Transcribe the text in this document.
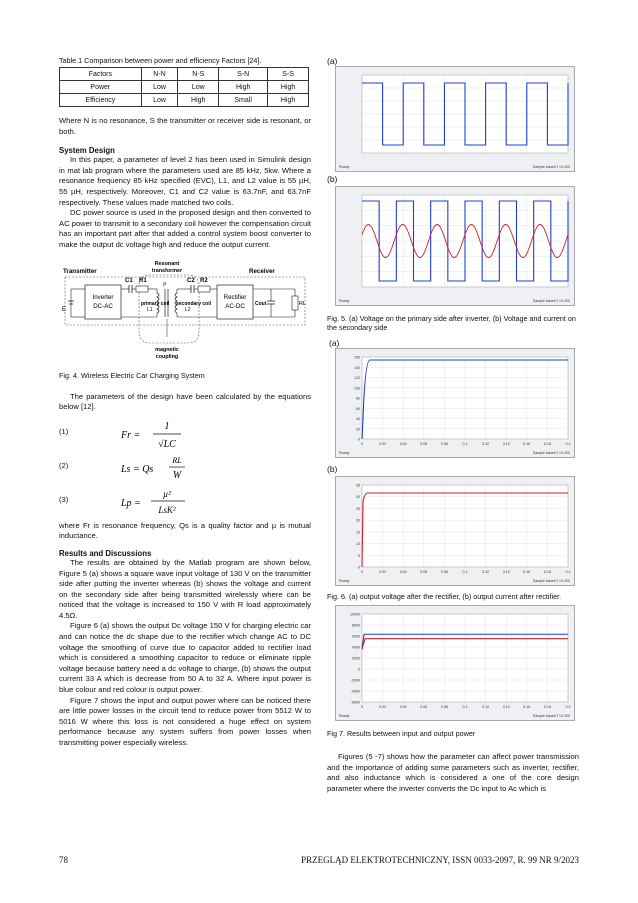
Table.1 Comparison between power and efficiency Factors [24].

Factors	N-N	N-S	S-N	S-S
Power	Low	Low	High	High
Efficiency	Low	High	Small	High

Where N is no resonance, S the transmitter or receiver side is resonant, or both.

System Design

In this paper, a parameter of level 2 has been used in Simulink design in mat lab program where the parameters used are 85 kHz, 5kw. Where a resonance frequency 85 kHz specified (EVC), L1, and L2 value is 55 µH, 55 µH, respectively. Moreover, C1 and C2 value is 63.7nF, and 63.7nF respectively. These values made matched two coils.

DC power source is used in the proposed design and then converted to AC power to transmit to a secondary coil however the compensation circuit has an important part after that added a control system boost converter to make the output dc voltage high and reduce the output current.

Transmitter
Resonant
transformer	Receiver
E
Inverter
DC-AC
C1 R1
primary coil
L1
µ
secondary coil
L2
C2 R2
Rectifier
AC-DC Cout	RL
magnetic
coupling

Fig. 4. Wireless Electric Car Charging System

The parameters of the design have been calculated by the equations below [12].

(1)	Fr =
1
√LC
(2)	Ls = Qs
RL
W
(3)	Lp =
µ²
LsK²

where Fr is resonance frequency, Qs is a quality factor and µ is mutual inductance.

Results and Discussions

The results are obtained by the Matlab program are shown below, Figure 5 (a) shows a square wave input voltage of 130 V on the transmitter side after putting the inverter whereas (b) shows the voltage and current on the secondary side after being transmitted wirelessly where can be noticed that the voltage is increased to 150 V with R load approximately 4.5Ω.

Figure 6 (a) shows the output Dc voltage 150 V for charging electric car and can notice the dc shape due to the rectifier which change AC to DC voltage the smoothing of curve due to capacitor added to rectifier load which is considered a smoothing capacitor to reduce or eliminate ripple voltage because battery need a dc voltage to charge, (b) shows the output current 33 A which is decrease from 50 A to 32 A. Where input power is blue colour and red colour is output power.

Figure 7 shows the input and output power where can be noticed there are little power losses in the circuit tend to reduce power from 5512 W to 5016 W where this loss is not considered a huge effect on system performance because any system suffers from power losses when transmitting power especially wireless.

(a)
Ready	Sample based T=0.200
(b)
Ready	Sample based T=0.200

Fig. 5. (a) Voltage on the primary side after inverter, (b) Voltage and current on the secondary side

(a)
150
140
120
100
80
60
40
20
0
0	0.02	0.04	0.06	0.08	0.1	0.12	0.14	0.16	0.18	0.2
Ready	Sample based T=0.200
(b)
35
30
25
20
15
10
5
0
0	0.02	0.04	0.06	0.08	0.1	0.12	0.14	0.16	0.18	0.2
Ready	Sample based T=0.200

Fig. 6. (a) output voltage after the rectifier, (b) output current after rectifier.

10000
8000
6000
4000
2000
0
-2000
-4000
-6000
0	0.02	0.04	0.06	0.08	0.1	0.12	0.14	0.16	0.18	0.2
Ready	Sample based T=0.200

Fig 7. Results between input and output power

Figures (5 -7) shows how the parameter can affect power transmission and the importance of adding some parameters such as inverter, rectifier, and also inductance which is considered a one of the core design parameter where the inverter converts the Dc input to Ac which is

78	PRZEGLĄD ELEKTROTECHNICZNY, ISSN 0033-2097, R. 99 NR 9/2023
